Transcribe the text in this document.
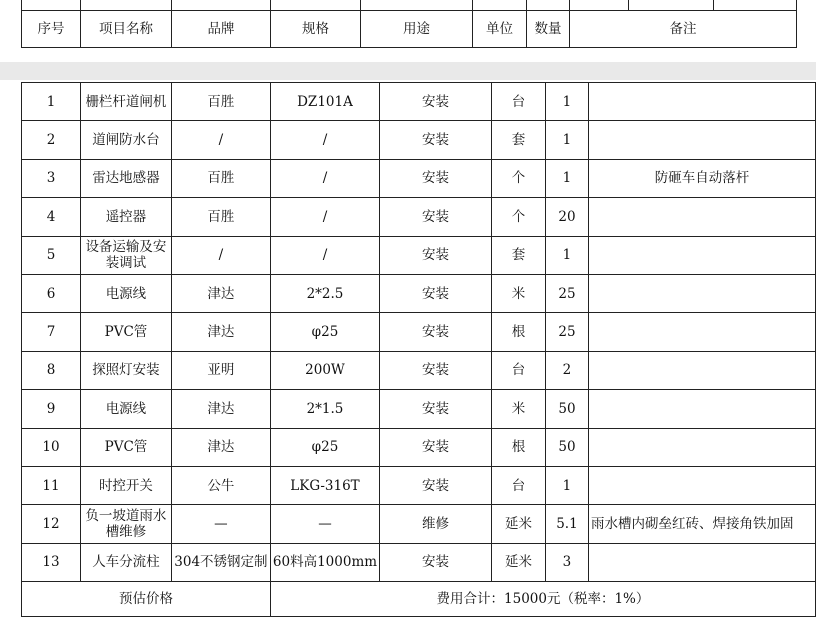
序号	项目名称	品牌	规格	用途	单位	数量	备注
1	栅栏杆道闸机	百胜	DZ101A	安装	台	1	
2	道闸防水台	/	/	安装	套	1	
3	雷达地感器	百胜	/	安装	个	1	防砸车自动落杆
4	遥控器	百胜	/	安装	个	20	
5	设备运输及安装调试	/	/	安装	套	1	
6	电源线	津达	2*2.5	安装	米	25	
7	PVC管	津达	φ25	安装	根	25	
8	探照灯安装	亚明	200W	安装	台	2	
9	电源线	津达	2*1.5	安装	米	50	
10	PVC管	津达	φ25	安装	根	50	
11	时控开关	公牛	LKG-316T	安装	台	1	
12	负一坡道雨水槽维修	—	—	维修	延米	5.1	雨水槽内砌垒红砖、焊接角铁加固
13	人车分流柱	304不锈钢定制	60料高1000mm	安装	延米	3	
预估价格			费用合计：15000元（税率：1%）				
